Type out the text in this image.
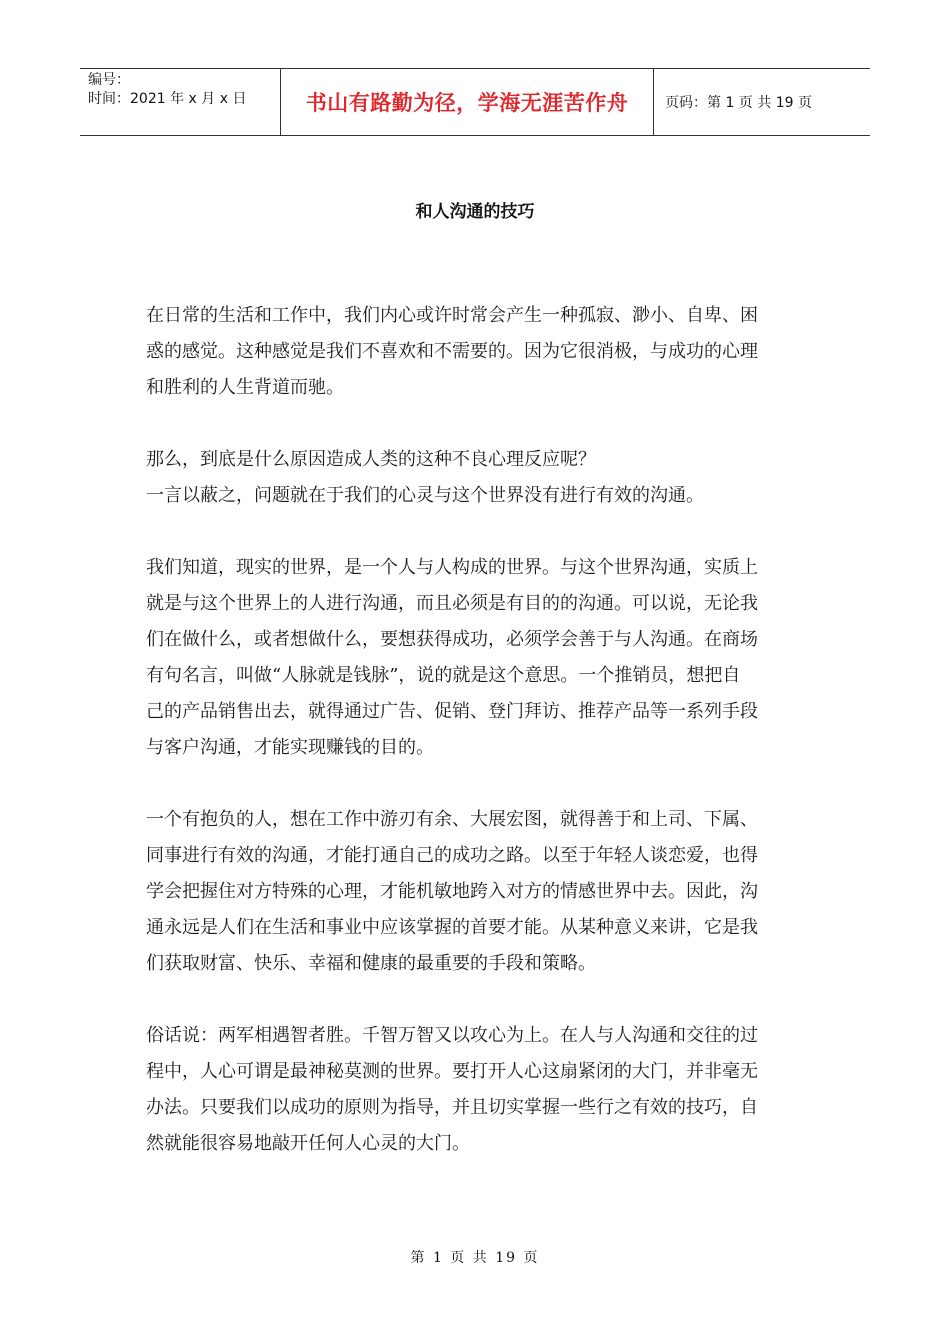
编号：
时间：2021 年 x 月 x 日	书山有路勤为径，学海无涯苦作舟	页码：第 1 页 共 19 页
和人沟通的技巧
在日常的生活和工作中，我们内心或许时常会产生一种孤寂、渺小、自卑、困
惑的感觉。这种感觉是我们不喜欢和不需要的。因为它很消极，与成功的心理
和胜利的人生背道而驰。
那么，到底是什么原因造成人类的这种不良心理反应呢？
一言以蔽之，问题就在于我们的心灵与这个世界没有进行有效的沟通。
我们知道，现实的世界，是一个人与人构成的世界。与这个世界沟通，实质上
就是与这个世界上的人进行沟通，而且必须是有目的的沟通。可以说，无论我
们在做什么，或者想做什么，要想获得成功，必须学会善于与人沟通。在商场
有句名言，叫做“人脉就是钱脉”，说的就是这个意思。一个推销员，想把自
己的产品销售出去，就得通过广告、促销、登门拜访、推荐产品等一系列手段
与客户沟通，才能实现赚钱的目的。
一个有抱负的人，想在工作中游刃有余、大展宏图，就得善于和上司、下属、
同事进行有效的沟通，才能打通自己的成功之路。以至于年轻人谈恋爱，也得
学会把握住对方特殊的心理，才能机敏地跨入对方的情感世界中去。因此，沟
通永远是人们在生活和事业中应该掌握的首要才能。从某种意义来讲，它是我
们获取财富、快乐、幸福和健康的最重要的手段和策略。
俗话说：两军相遇智者胜。千智万智又以攻心为上。在人与人沟通和交往的过
程中，人心可谓是最神秘莫测的世界。要打开人心这扇紧闭的大门，并非毫无
办法。只要我们以成功的原则为指导，并且切实掌握一些行之有效的技巧，自
然就能很容易地敲开任何人心灵的大门。
第 1 页 共 19 页
